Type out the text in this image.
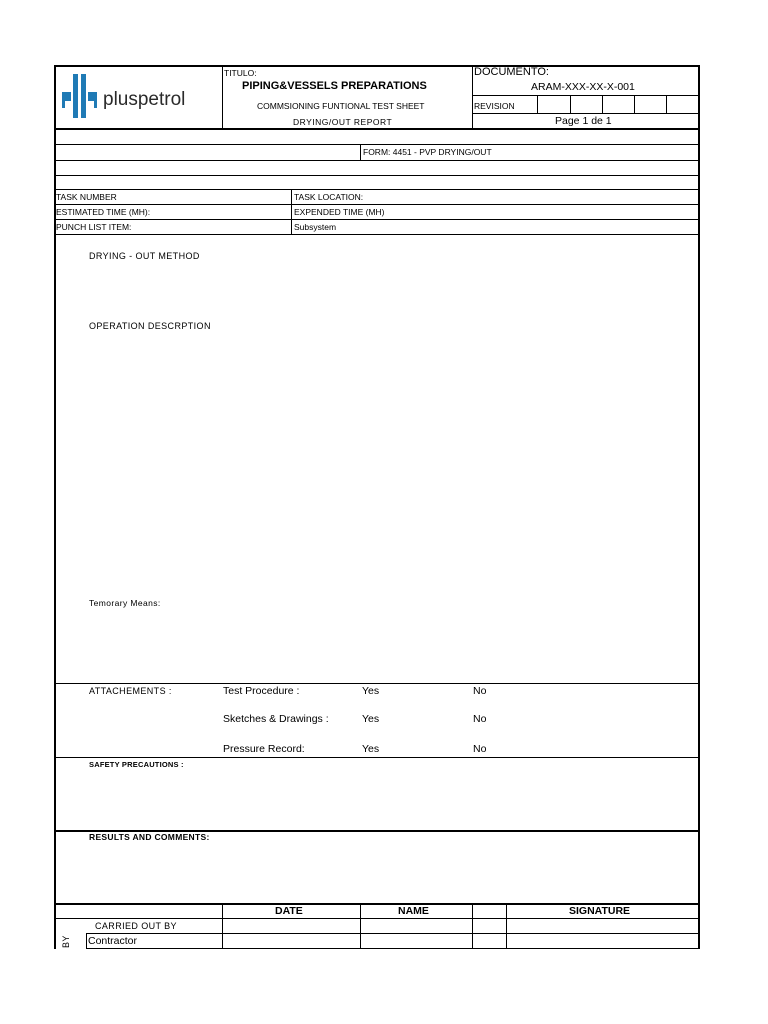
pluspetrol
TITULO:
PIPING&VESSELS PREPARATIONS
COMMSIONING FUNTIONAL TEST SHEET
DRYING/OUT REPORT
DOCUMENTO:
ARAM-XXX-XX-X-001
REVISION
Page 1 de 1
FORM: 4451 - PVP DRYING/OUT
TASK NUMBER	TASK LOCATION:
ESTIMATED TIME (MH):	EXPENDED TIME (MH)
PUNCH LIST ITEM:	Subsystem
DRYING - OUT METHOD
OPERATION DESCRPTION
Temorary Means:
ATTACHEMENTS :	Test Procedure :	Yes	No
Sketches & Drawings :	Yes	No
Pressure Record:	Yes	No
SAFETY PRECAUTIONS :
RESULTS AND COMMENTS:
DATE	NAME	SIGNATURE
CARRIED OUT BY
Contractor
BY
